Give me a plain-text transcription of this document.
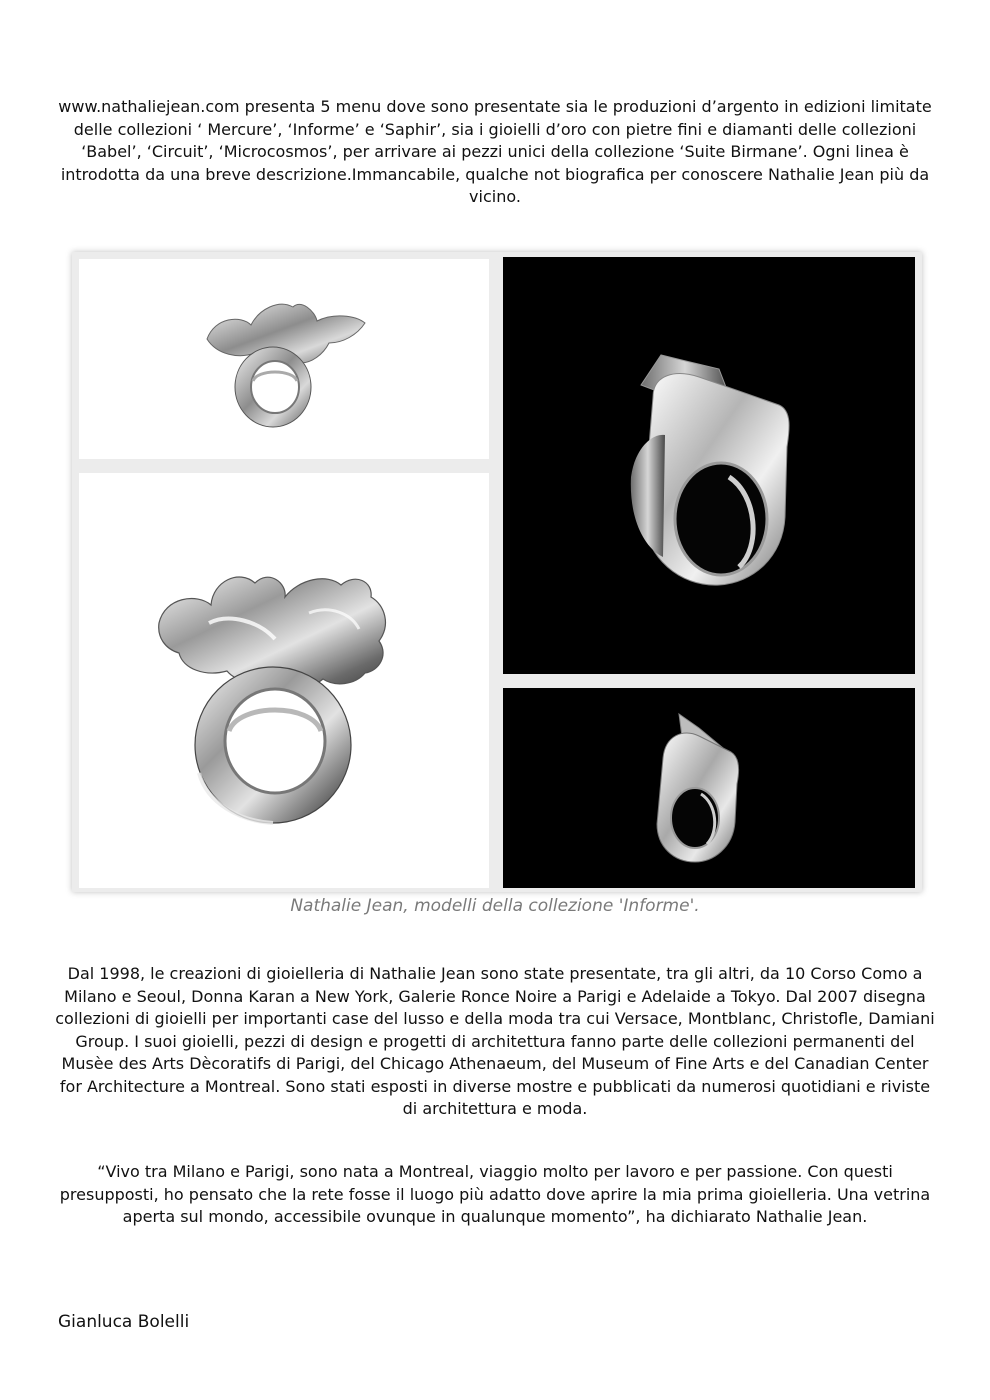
www.nathaliejean.com presenta 5 menu dove sono presentate sia le produzioni d’argento in edizioni limitate delle collezioni ‘ Mercure’, ‘Informe’ e ‘Saphir’, sia i gioielli d’oro con pietre fini e diamanti delle collezioni ‘Babel’, ‘Circuit’, ‘Microcosmos’, per arrivare ai pezzi unici della collezione ‘Suite Birmane’. Ogni linea è introdotta da una breve descrizione.Immancabile, qualche not biografica per conoscere Nathalie Jean più da vicino.

Nathalie Jean, modelli della collezione 'Informe'.

Dal 1998, le creazioni di gioielleria di Nathalie Jean sono state presentate, tra gli altri, da 10 Corso Como a Milano e Seoul, Donna Karan a New York, Galerie Ronce Noire a Parigi e Adelaide a Tokyo. Dal 2007 disegna collezioni di gioielli per importanti case del lusso e della moda tra cui Versace, Montblanc, Christofle, Damiani Group. I suoi gioielli, pezzi di design e progetti di architettura fanno parte delle collezioni permanenti del Musèe des Arts Dècoratifs di Parigi, del Chicago Athenaeum, del Museum of Fine Arts e del Canadian Center for Architecture a Montreal. Sono stati esposti in diverse mostre e pubblicati da numerosi quotidiani e riviste di architettura e moda.

“Vivo tra Milano e Parigi, sono nata a Montreal, viaggio molto per lavoro e per passione. Con questi presupposti, ho pensato che la rete fosse il luogo più adatto dove aprire la mia prima gioielleria. Una vetrina aperta sul mondo, accessibile ovunque in qualunque momento”, ha dichiarato Nathalie Jean.

Gianluca Bolelli
